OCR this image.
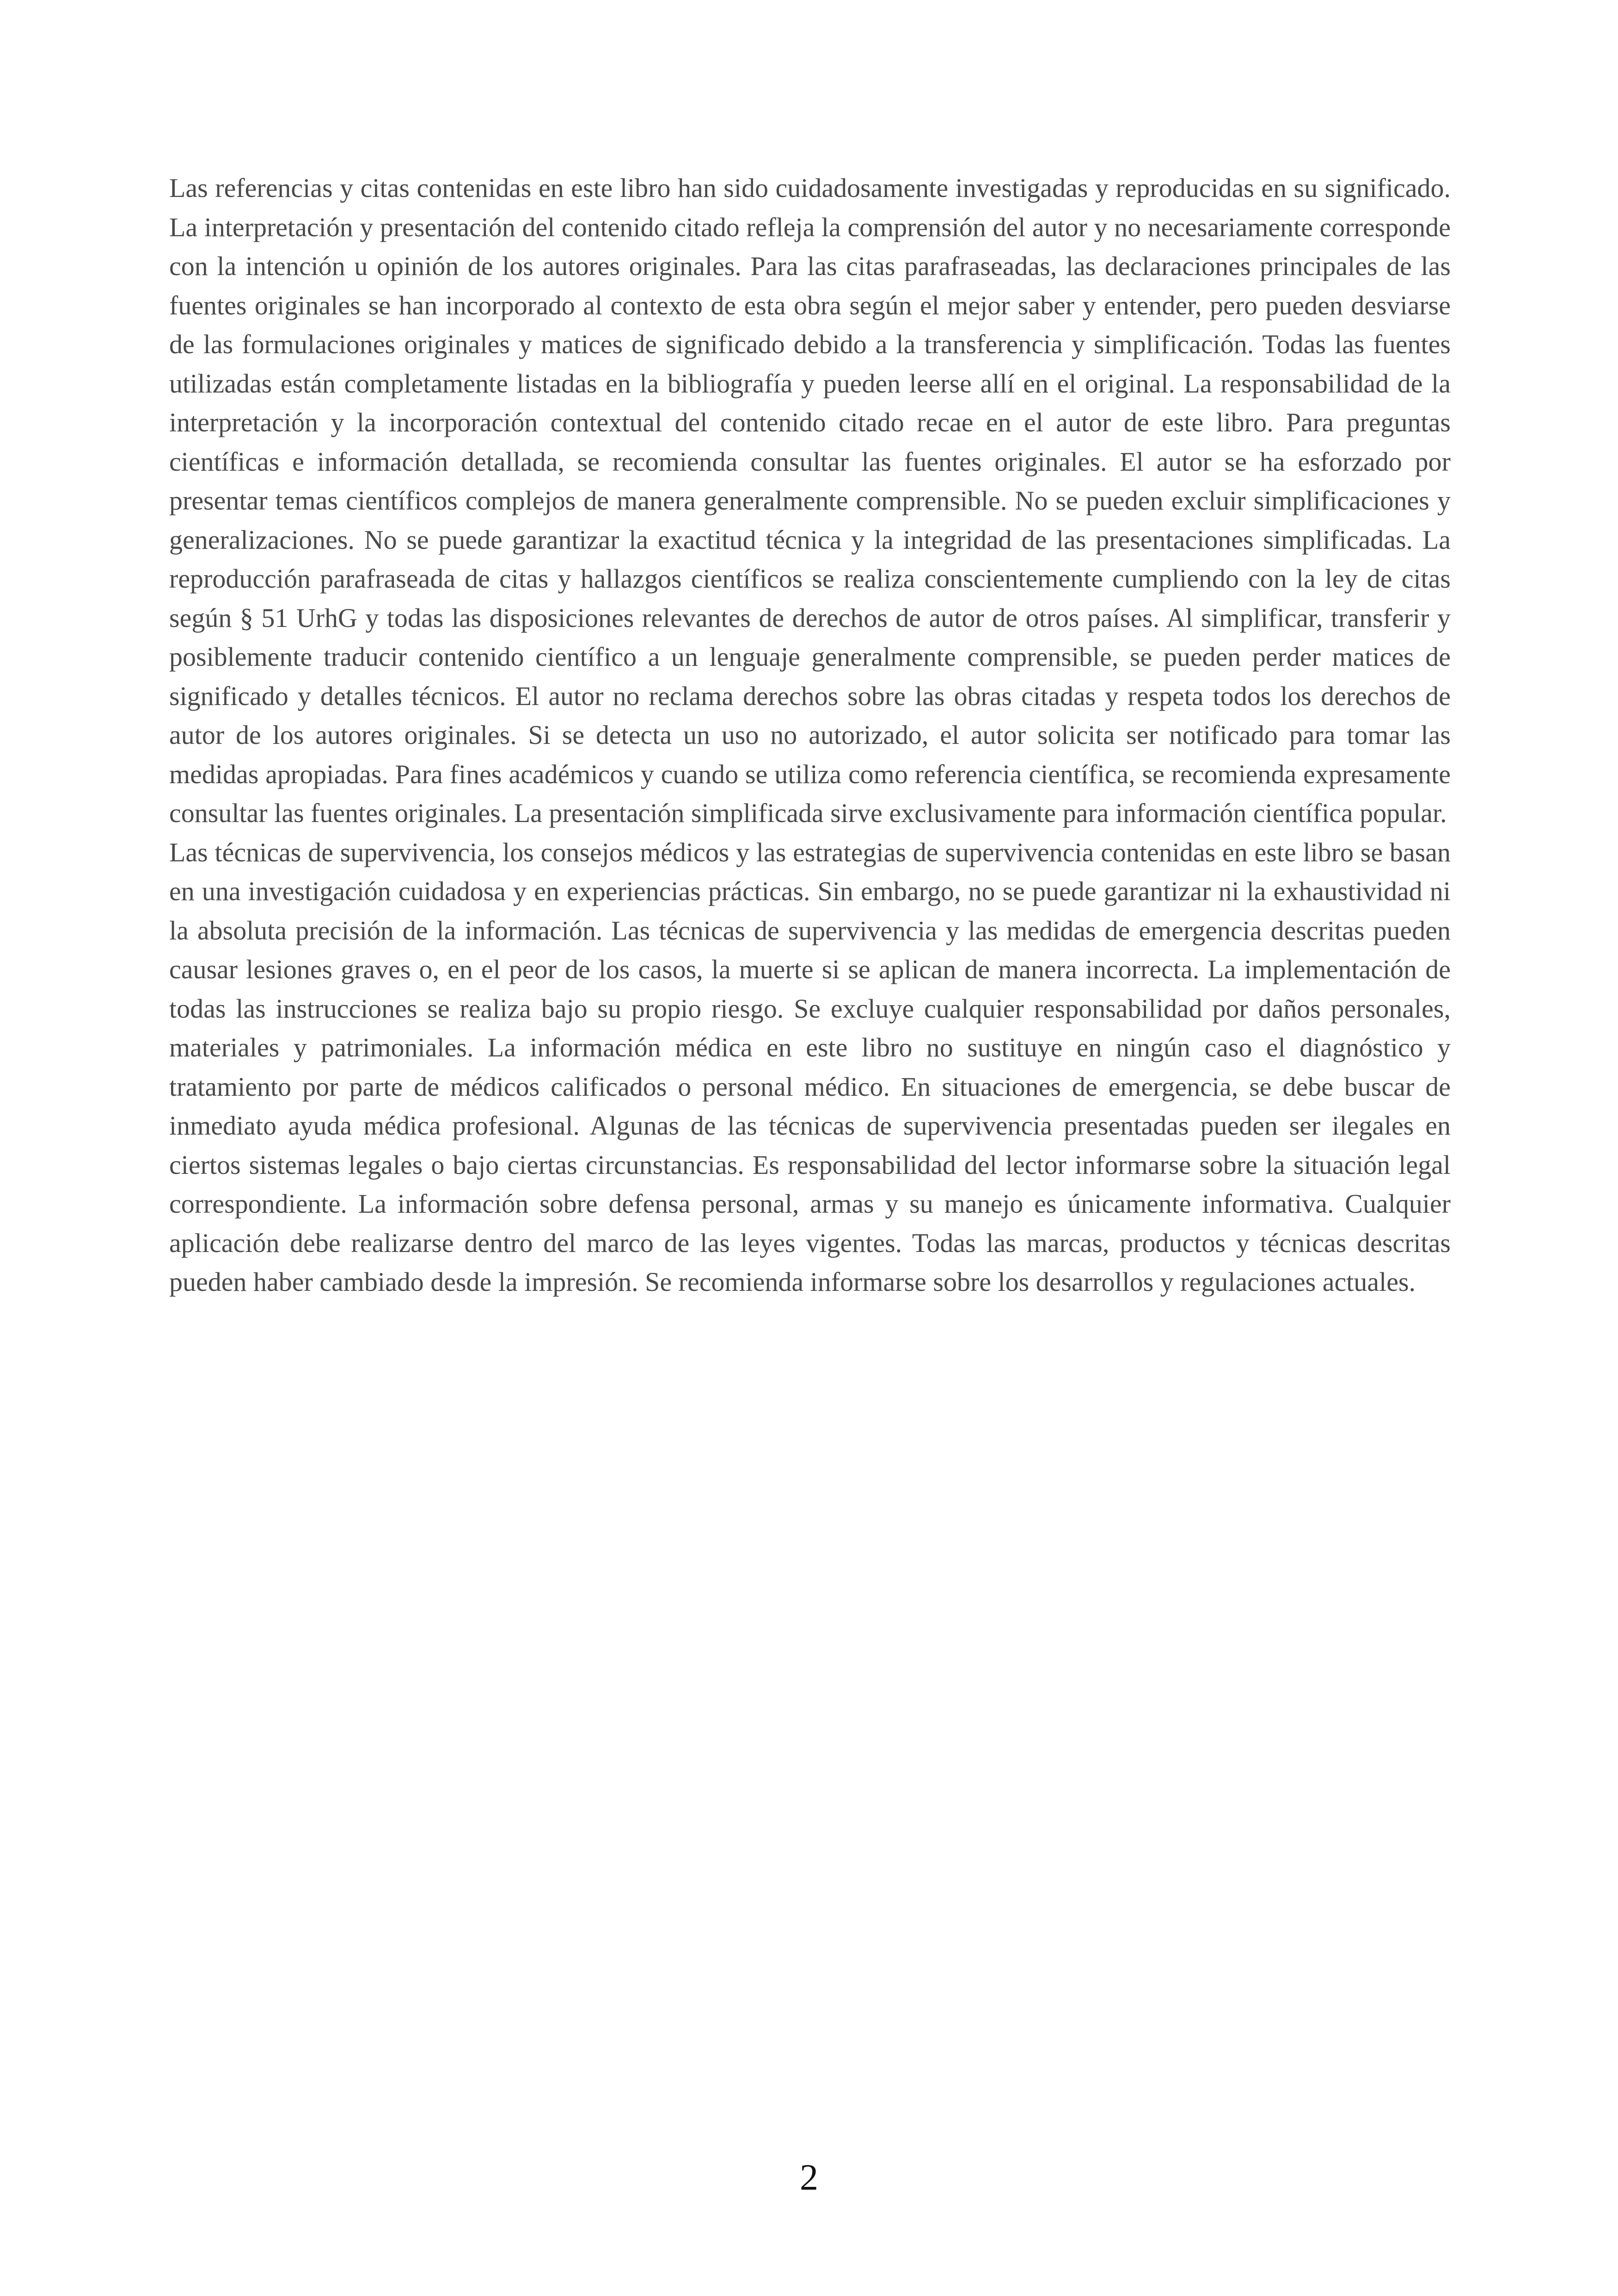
Las referencias y citas contenidas en este libro han sido cuidadosamente investigadas y reproducidas en su significado. La interpretación y presentación del contenido citado refleja la comprensión del autor y no necesariamente corresponde con la intención u opinión de los autores originales. Para las citas parafraseadas, las declaraciones principales de las fuentes originales se han incorporado al contexto de esta obra según el mejor saber y entender, pero pueden desviarse de las formulaciones originales y matices de significado debido a la transferencia y simplificación. Todas las fuentes utilizadas están completamente listadas en la bibliografía y pueden leerse allí en el original. La responsabilidad de la interpretación y la incorporación contextual del contenido citado recae en el autor de este libro. Para preguntas científicas e información detallada, se recomienda consultar las fuentes originales. El autor se ha esforzado por presentar temas científicos complejos de manera generalmente comprensible. No se pueden excluir simplificaciones y generalizaciones. No se puede garantizar la exactitud técnica y la integridad de las presentaciones simplificadas. La reproducción parafraseada de citas y hallazgos científicos se realiza conscientemente cumpliendo con la ley de citas según § 51 UrhG y todas las disposiciones relevantes de derechos de autor de otros países. Al simplificar, transferir y posiblemente traducir contenido científico a un lenguaje generalmente comprensible, se pueden perder matices de significado y detalles técnicos. El autor no reclama derechos sobre las obras citadas y respeta todos los derechos de autor de los autores originales. Si se detecta un uso no autorizado, el autor solicita ser notificado para tomar las medidas apropiadas. Para fines académicos y cuando se utiliza como referencia científica, se recomienda expresamente consultar las fuentes originales. La presentación simplificada sirve exclusivamente para información científica popular.

Las técnicas de supervivencia, los consejos médicos y las estrategias de supervivencia contenidas en este libro se basan en una investigación cuidadosa y en experiencias prácticas. Sin embargo, no se puede garantizar ni la exhaustividad ni la absoluta precisión de la información. Las técnicas de supervivencia y las medidas de emergencia descritas pueden causar lesiones graves o, en el peor de los casos, la muerte si se aplican de manera incorrecta. La implementación de todas las instrucciones se realiza bajo su propio riesgo. Se excluye cualquier responsabilidad por daños personales, materiales y patrimoniales. La información médica en este libro no sustituye en ningún caso el diagnóstico y tratamiento por parte de médicos calificados o personal médico. En situaciones de emergencia, se debe buscar de inmediato ayuda médica profesional. Algunas de las técnicas de supervivencia presentadas pueden ser ilegales en ciertos sistemas legales o bajo ciertas circunstancias. Es responsabilidad del lector informarse sobre la situación legal correspondiente. La información sobre defensa personal, armas y su manejo es únicamente informativa. Cualquier aplicación debe realizarse dentro del marco de las leyes vigentes. Todas las marcas, productos y técnicas descritas pueden haber cambiado desde la impresión. Se recomienda informarse sobre los desarrollos y regulaciones actuales.

2
